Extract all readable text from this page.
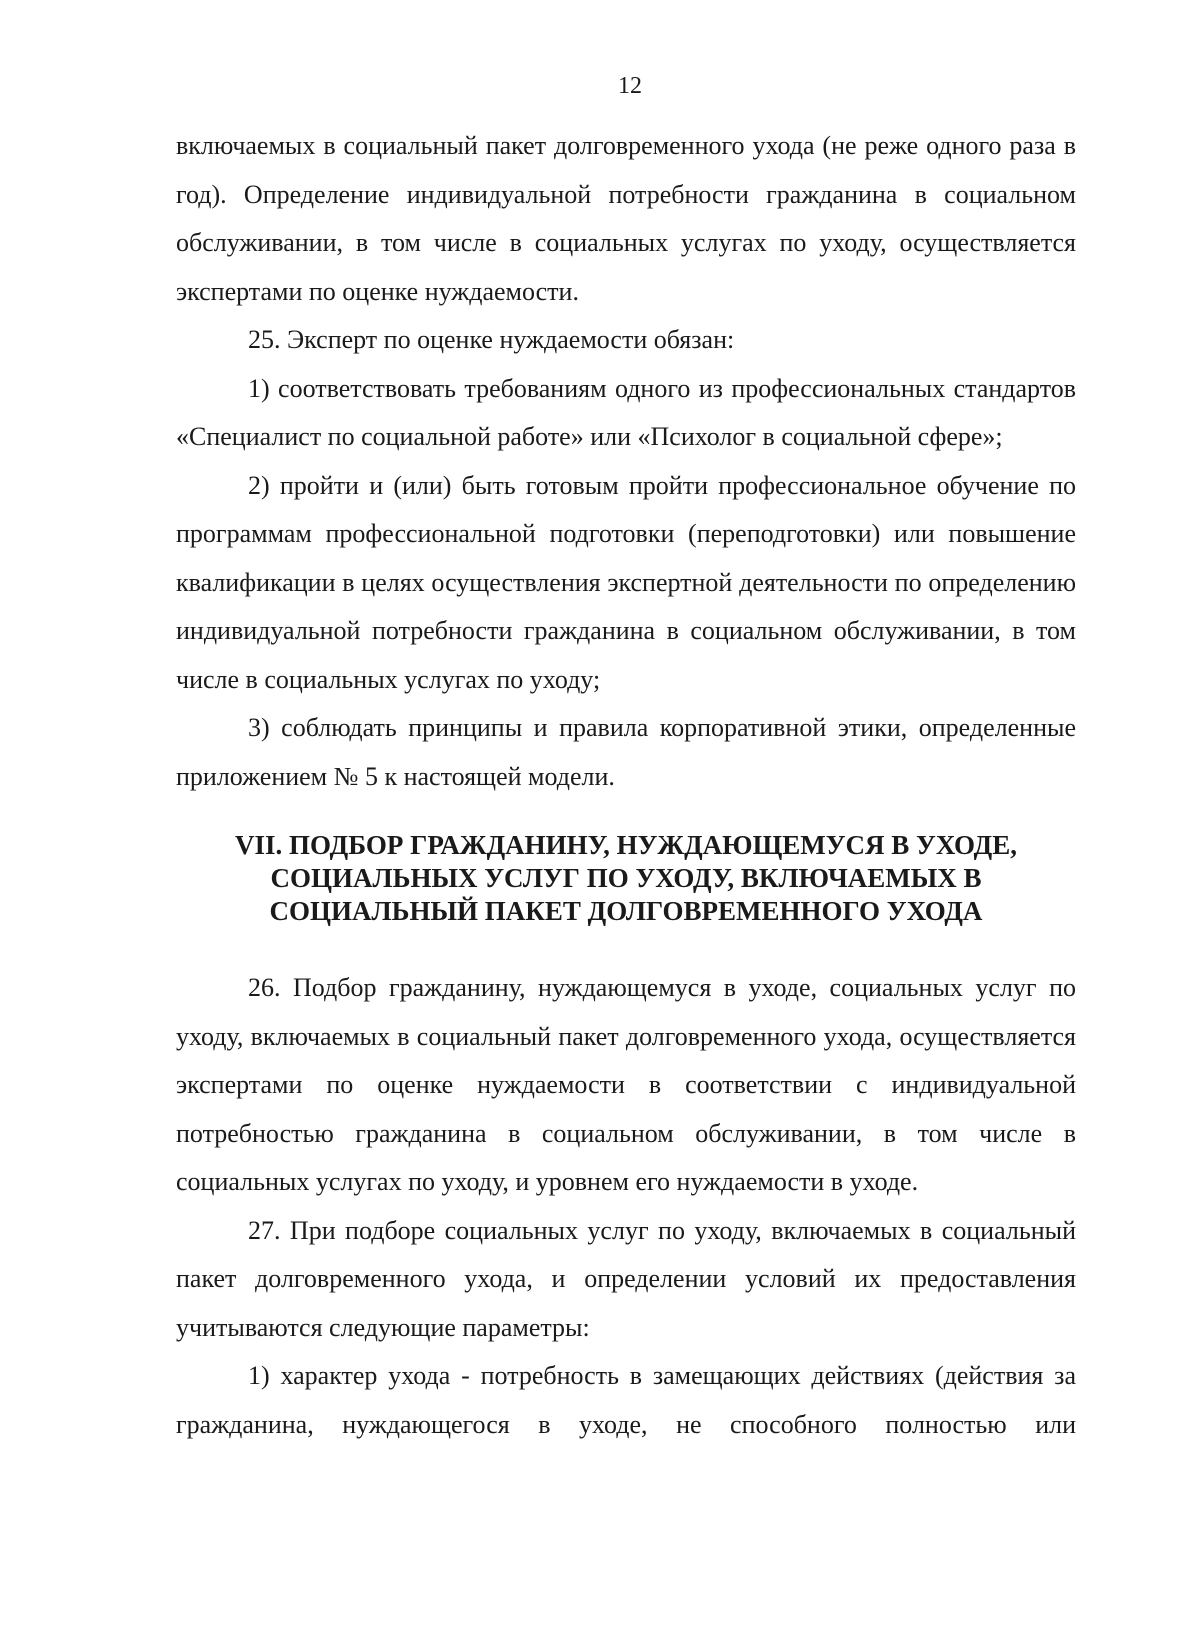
12

включаемых в социальный пакет долговременного ухода (не реже одного раза в год). Определение индивидуальной потребности гражданина в социальном обслуживании, в том числе в социальных услугах по уходу, осуществляется экспертами по оценке нуждаемости.

25. Эксперт по оценке нуждаемости обязан:

1) соответствовать требованиям одного из профессиональных стандартов «Специалист по социальной работе» или «Психолог в социальной сфере»;

2) пройти и (или) быть готовым пройти профессиональное обучение по программам профессиональной подготовки (переподготовки) или повышение квалификации в целях осуществления экспертной деятельности по определению индивидуальной потребности гражданина в социальном обслуживании, в том числе в социальных услугах по уходу;

3) соблюдать принципы и правила корпоративной этики, определенные приложением № 5 к настоящей модели.

VII. ПОДБОР ГРАЖДАНИНУ, НУЖДАЮЩЕМУСЯ В УХОДЕ, СОЦИАЛЬНЫХ УСЛУГ ПО УХОДУ, ВКЛЮЧАЕМЫХ В СОЦИАЛЬНЫЙ ПАКЕТ ДОЛГОВРЕМЕННОГО УХОДА

26. Подбор гражданину, нуждающемуся в уходе, социальных услуг по уходу, включаемых в социальный пакет долговременного ухода, осуществляется экспертами по оценке нуждаемости в соответствии с индивидуальной потребностью гражданина в социальном обслуживании, в том числе в социальных услугах по уходу, и уровнем его нуждаемости в уходе.

27. При подборе социальных услуг по уходу, включаемых в социальный пакет долговременного ухода, и определении условий их предоставления учитываются следующие параметры:

1) характер ухода - потребность в замещающих действиях (действия за гражданина, нуждающегося в уходе, не способного полностью или
